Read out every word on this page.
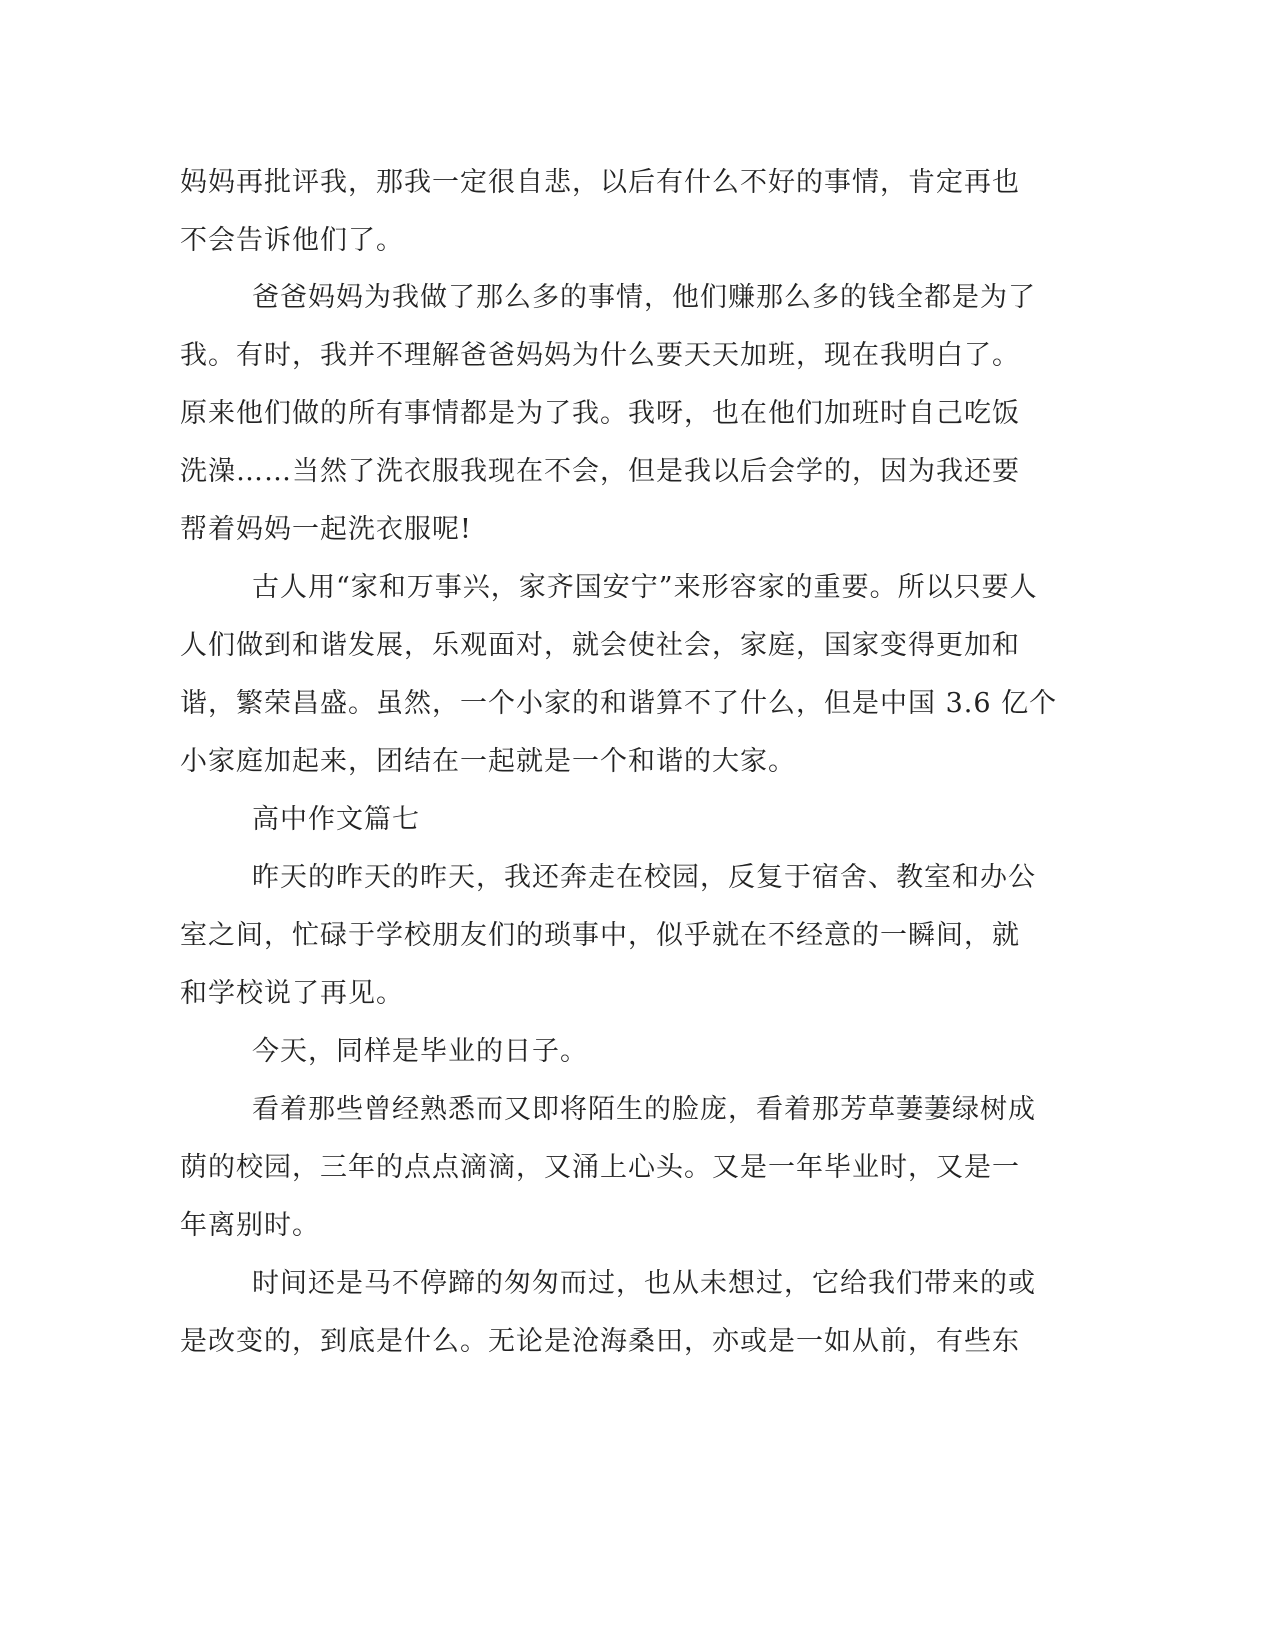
妈妈再批评我，那我一定很自悲，以后有什么不好的事情，肯定再也
不会告诉他们了。
爸爸妈妈为我做了那么多的事情，他们赚那么多的钱全都是为了
我。有时，我并不理解爸爸妈妈为什么要天天加班，现在我明白了。
原来他们做的所有事情都是为了我。我呀，也在他们加班时自己吃饭
洗澡……当然了洗衣服我现在不会，但是我以后会学的，因为我还要
帮着妈妈一起洗衣服呢!
古人用“家和万事兴，家齐国安宁”来形容家的重要。所以只要人
人们做到和谐发展，乐观面对，就会使社会，家庭，国家变得更加和
谐，繁荣昌盛。虽然，一个小家的和谐算不了什么，但是中国 3.6 亿个
小家庭加起来，团结在一起就是一个和谐的大家。
高中作文篇七
昨天的昨天的昨天，我还奔走在校园，反复于宿舍、教室和办公
室之间，忙碌于学校朋友们的琐事中，似乎就在不经意的一瞬间，就
和学校说了再见。
今天，同样是毕业的日子。
看着那些曾经熟悉而又即将陌生的脸庞，看着那芳草萋萋绿树成
荫的校园，三年的点点滴滴，又涌上心头。又是一年毕业时，又是一
年离别时。
时间还是马不停蹄的匆匆而过，也从未想过，它给我们带来的或
是改变的，到底是什么。无论是沧海桑田，亦或是一如从前，有些东
